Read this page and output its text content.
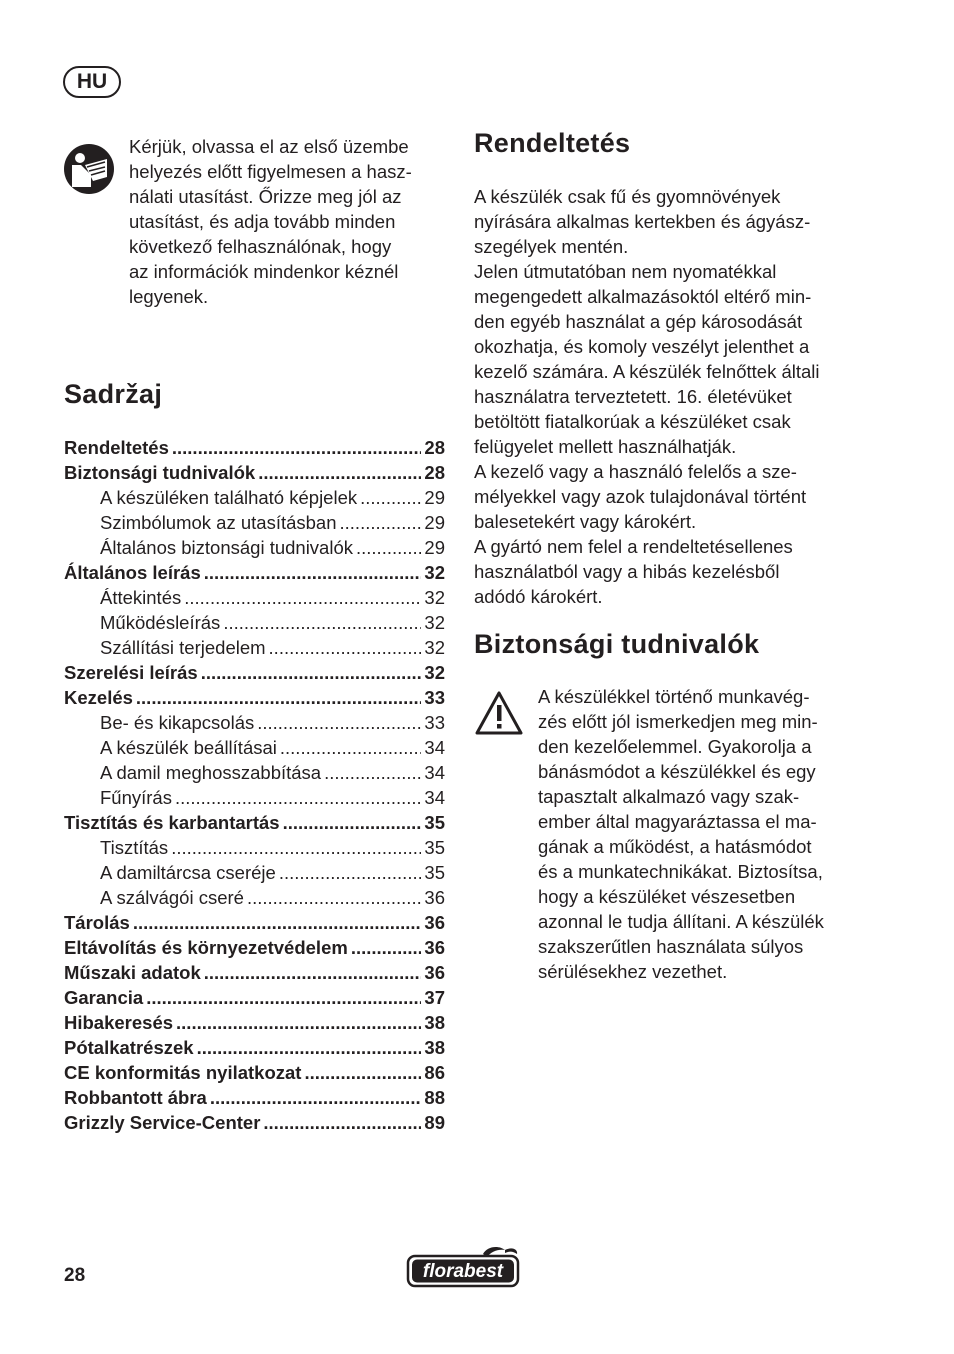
HU
Kérjük, olvassa el az első üzembe
helyezés előtt figyelmesen a hasz-
nálati utasítást. Őrizze meg jól az
utasítást, és adja tovább minden
következő felhasználónak, hogy
az információk mindenkor kéznél
legyenek.
Sadržaj
Rendeltetés .....	28
Biztonsági tudnivalók .....	28
A készüléken található képjelek .....	29
Szimbólumok az utasításban .....	29
Általános biztonsági tudnivalók .....	29
Általános leírás .....	32
Áttekintés .....	32
Működésleírás .....	32
Szállítási terjedelem .....	32
Szerelési leírás .....	32
Kezelés .....	33
Be- és kikapcsolás .....	33
A készülék beállításai .....	34
A damil meghosszabbítása .....	34
Fűnyírás .....	34
Tisztítás és karbantartás .....	35
Tisztítás .....	35
A damiltárcsa cseréje .....	35
A szálvágói cseré .....	36
Tárolás .....	36
Eltávolítás és környezetvédelem .....	36
Műszaki adatok .....	36
Garancia .....	37
Hibakeresés .....	38
Pótalkatrészek .....	38
CE konformitás nyilatkozat .....	86
Robbantott ábra .....	88
Grizzly Service-Center .....	89
Rendeltetés
A készülék csak fű és gyomnövények
nyírására alkalmas kertekben és ágyász-
szegélyek mentén.
Jelen útmutatóban nem nyomatékkal
megengedett alkalmazásoktól eltérő min-
den egyéb használat a gép károsodását
okozhatja, és komoly veszélyt jelenthet a
kezelő számára. A készülék felnőttek általi
használatra terveztetett. 16. életévüket
betöltött fiatalkorúak a készüléket csak
felügyelet mellett használhatják.
A kezelő vagy a használó felelős a sze-
mélyekkel vagy azok tulajdonával történt
balesetekért vagy károkért.
A gyártó nem felel a rendeltetésellenes
használatból vagy a hibás kezelésből
adódó károkért.
Biztonsági tudnivalók
A készülékkel történő munkavég-
zés előtt jól ismerkedjen meg min-
den kezelőelemmel. Gyakorolja a
bánásmódot a készülékkel és egy
tapasztalt alkalmazó vagy szak-
ember által magyaráztassa el ma-
gának a működést, a hatásmódot
és a munkatechnikákat. Biztosítsa,
hogy a készüléket vészesetben
azonnal le tudja állítani. A készülék
szakszerűtlen használata súlyos
sérülésekhez vezethet.
28	florabest
